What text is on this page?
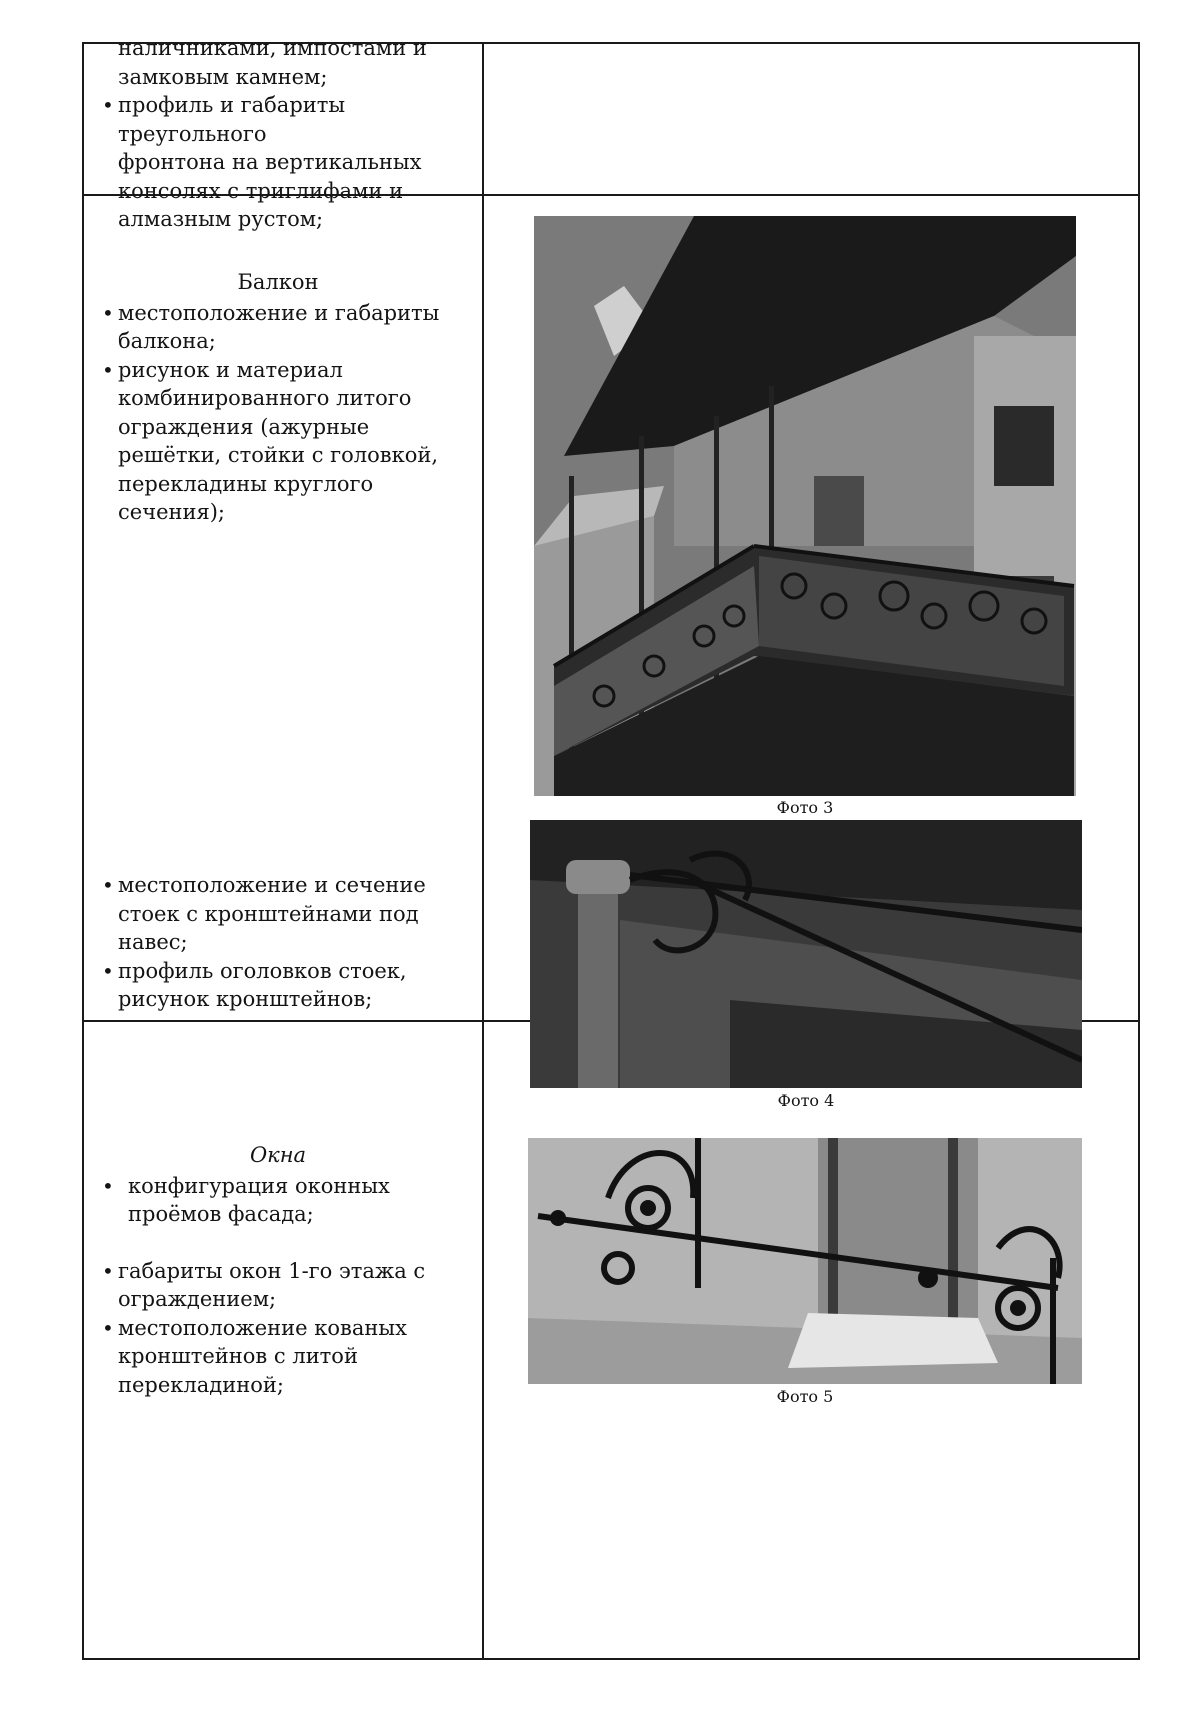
наличниками, импостами и

замковым камнем;

• профиль и габариты треугольного

фронтона на вертикальных

консолях с триглифами и

алмазным рустом;

Балкон

• местоположение и габариты балкона;

• рисунок и материал комбинированного литого ограждения (ажурные решётки, стойки с головкой, перекладины круглого сечения);

• местоположение и сечение стоек с кронштейнами под навес;

• профиль оголовков стоек, рисунок кронштейнов;

Фото 3
Фото 4

Окна

• конфигурация оконных проёмов фасада;

• габариты окон 1-го этажа с ограждением;

• местоположение кованых кронштейнов с литой перекладиной;	Фото 5
